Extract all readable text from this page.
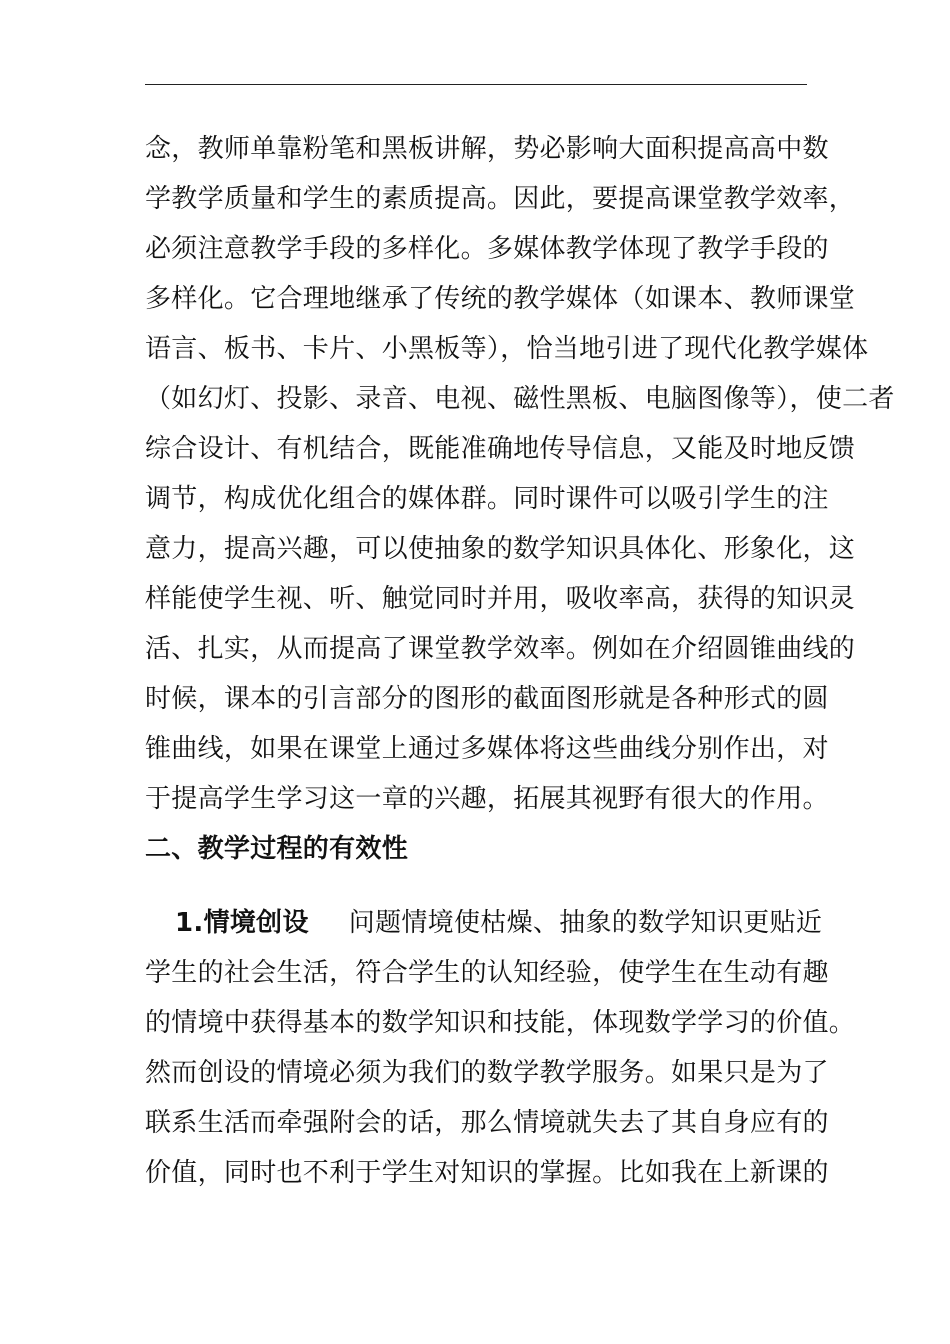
念，教师单靠粉笔和黑板讲解，势必影响大面积提高高中数
学教学质量和学生的素质提高。因此，要提高课堂教学效率，
必须注意教学手段的多样化。多媒体教学体现了教学手段的
多样化。它合理地继承了传统的教学媒体（如课本、教师课堂
语言、板书、卡片、小黑板等），恰当地引进了现代化教学媒体
（如幻灯、投影、录音、电视、磁性黑板、电脑图像等），使二者
综合设计、有机结合，既能准确地传导信息，又能及时地反馈
调节，构成优化组合的媒体群。同时课件可以吸引学生的注
意力，提高兴趣，可以使抽象的数学知识具体化、形象化，这
样能使学生视、听、触觉同时并用，吸收率高，获得的知识灵
活、扎实，从而提高了课堂教学效率。例如在介绍圆锥曲线的
时候，课本的引言部分的图形的截面图形就是各种形式的圆
锥曲线，如果在课堂上通过多媒体将这些曲线分别作出，对
于提高学生学习这一章的兴趣，拓展其视野有很大的作用。
二、教学过程的有效性
1.情境创设 问题情境使枯燥、抽象的数学知识更贴近
学生的社会生活，符合学生的认知经验，使学生在生动有趣
的情境中获得基本的数学知识和技能，体现数学学习的价值。
然而创设的情境必须为我们的数学教学服务。如果只是为了
联系生活而牵强附会的话，那么情境就失去了其自身应有的
价值，同时也不利于学生对知识的掌握。比如我在上新课的
